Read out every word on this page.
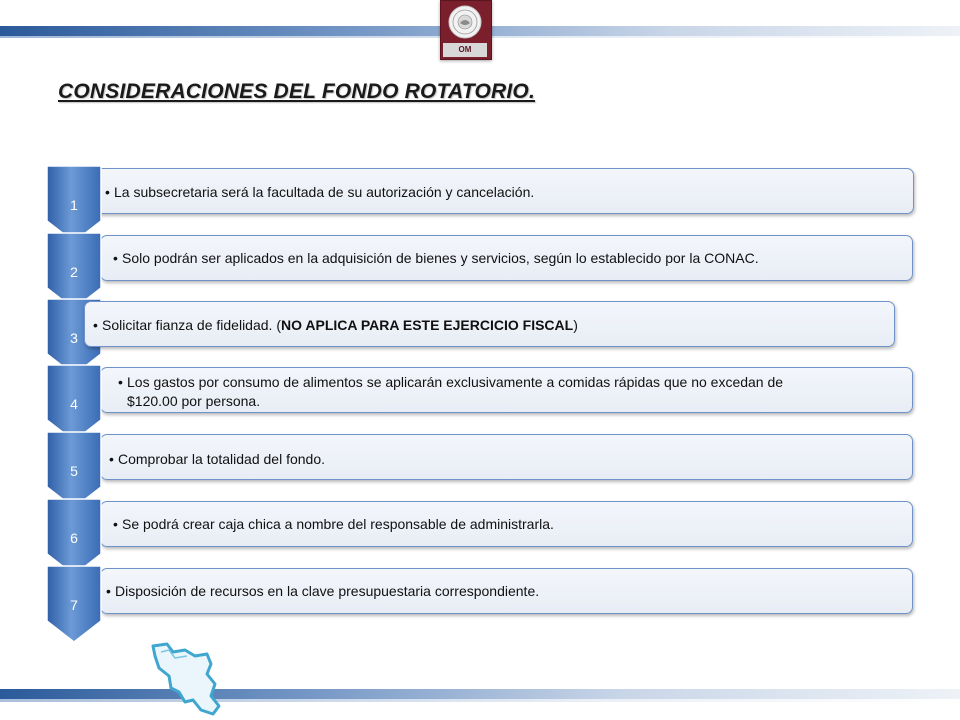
OM
CONSIDERACIONES DEL FONDO ROTATORIO.
• La subsecretaria será la facultada de su autorización y cancelación.
1
• Solo podrán ser aplicados en la adquisición de bienes y servicios, según lo establecido por la CONAC.
2
3
• Solicitar fianza de fidelidad. (NO APLICA PARA ESTE EJERCICIO FISCAL)
• Los gastos por consumo de alimentos se aplicarán exclusivamente a comidas rápidas que no excedan de
$120.00 por persona.
4
• Comprobar la totalidad del fondo.
5
• Se podrá crear caja chica a nombre del responsable de administrarla.
6
• Disposición de recursos en la clave presupuestaria correspondiente.
7
